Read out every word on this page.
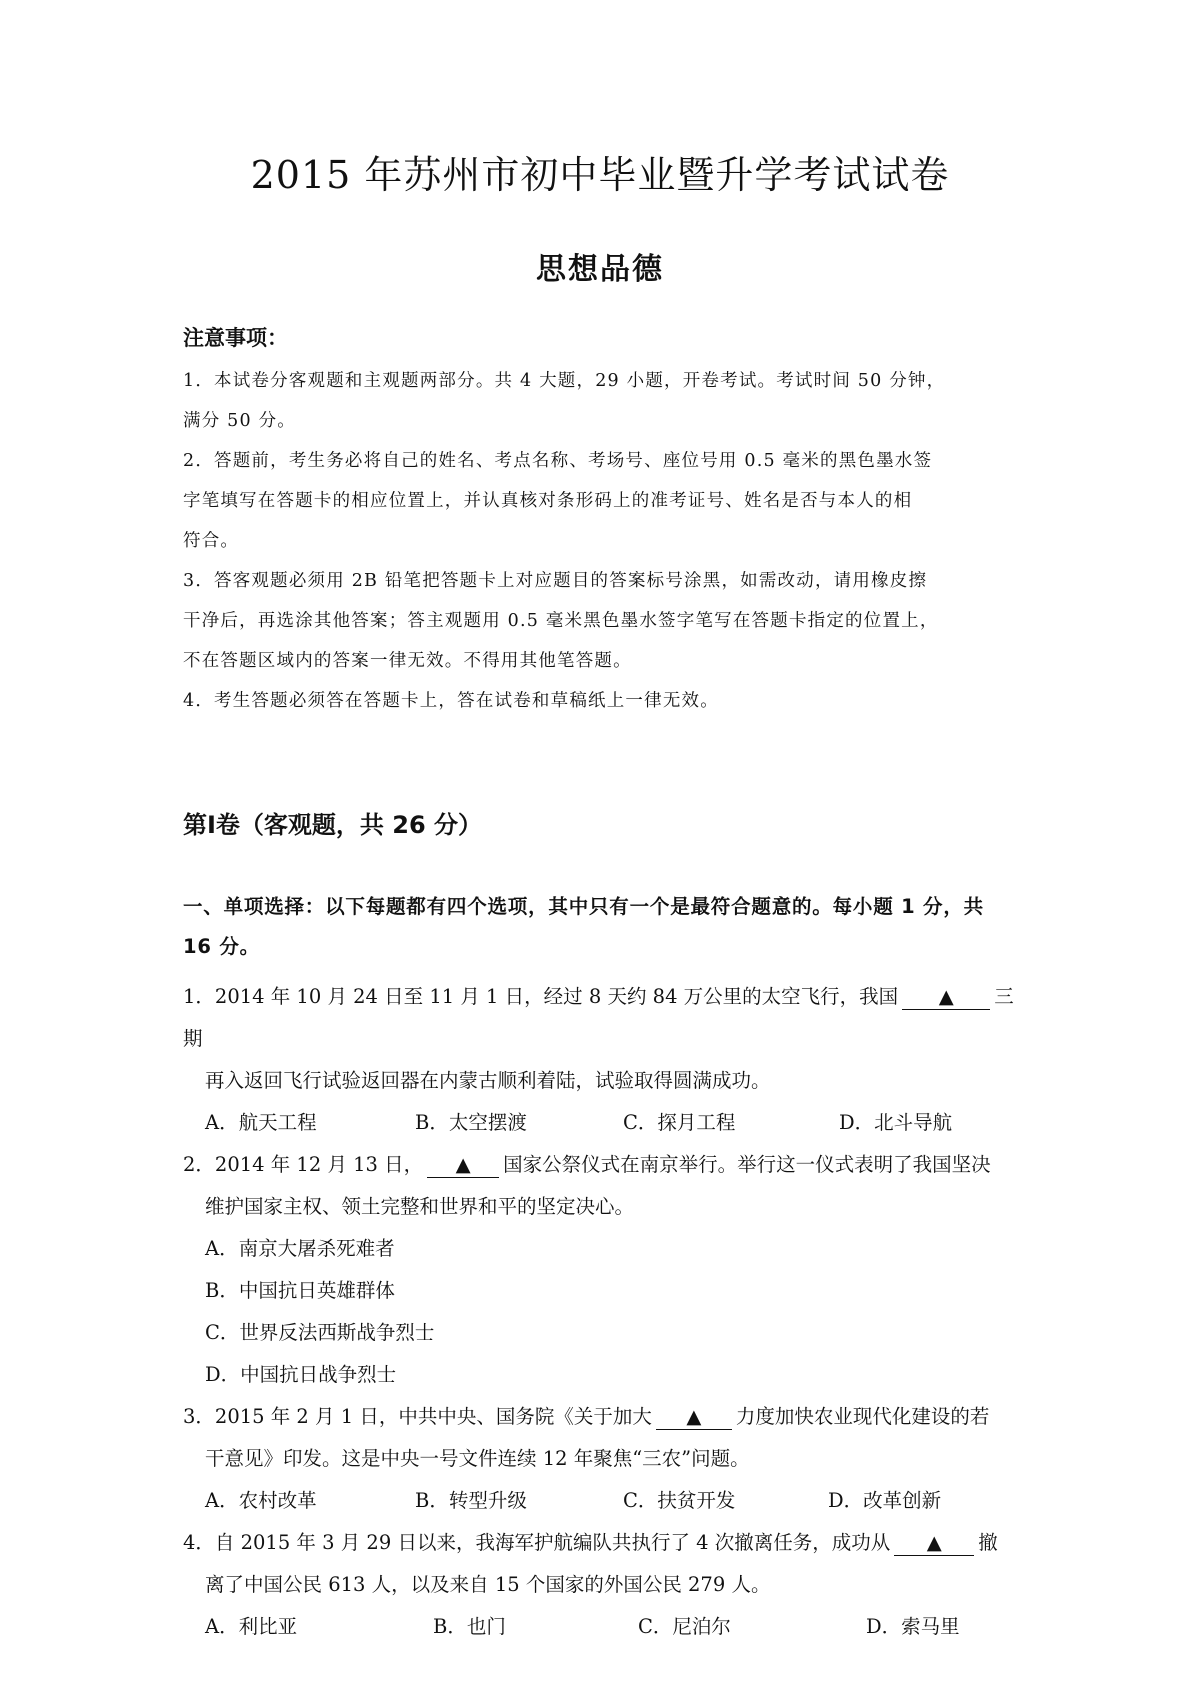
2015 年苏州市初中毕业暨升学考试试卷
思想品德
注意事项：

1．本试卷分客观题和主观题两部分。共 4 大题，29 小题，开卷考试。考试时间 50 分钟，

满分 50 分。

2．答题前，考生务必将自己的姓名、考点名称、考场号、座位号用 0.5 毫米的黑色墨水签

字笔填写在答题卡的相应位置上，并认真核对条形码上的准考证号、姓名是否与本人的相

符合。

3．答客观题必须用 2B 铅笔把答题卡上对应题目的答案标号涂黑，如需改动，请用橡皮擦

干净后，再选涂其他答案；答主观题用 0.5 毫米黑色墨水签字笔写在答题卡指定的位置上，

不在答题区域内的答案一律无效。不得用其他笔答题。

4．考生答题必须答在答题卡上，答在试卷和草稿纸上一律无效。

第Ⅰ卷（客观题，共 26 分）
一、单项选择：以下每题都有四个选项，其中只有一个是最符合题意的。每小题 1 分，共
16 分。

1．2014 年 10 月 24 日至 11 月 1 日，经过 8 天约 84 万公里的太空飞行，我国 ▲ 三期
再入返回飞行试验返回器在内蒙古顺利着陆，试验取得圆满成功。

A．航天工程	B．太空摆渡	C．探月工程	D．北斗导航

2．2014 年 12 月 13 日， ▲ 国家公祭仪式在南京举行。举行这一仪式表明了我国坚决
维护国家主权、领土完整和世界和平的坚定决心。

A．南京大屠杀死难者
B．中国抗日英雄群体
C．世界反法西斯战争烈士
D．中国抗日战争烈士

3．2015 年 2 月 1 日，中共中央、国务院《关于加大 ▲ 力度加快农业现代化建设的若
干意见》印发。这是中央一号文件连续 12 年聚焦“三农”问题。

A．农村改革	B．转型升级	C．扶贫开发	D．改革创新

4．自 2015 年 3 月 29 日以来，我海军护航编队共执行了 4 次撤离任务，成功从 ▲ 撤
离了中国公民 613 人，以及来自 15 个国家的外国公民 279 人。

A．利比亚	B．也门	C．尼泊尔	D．索马里
